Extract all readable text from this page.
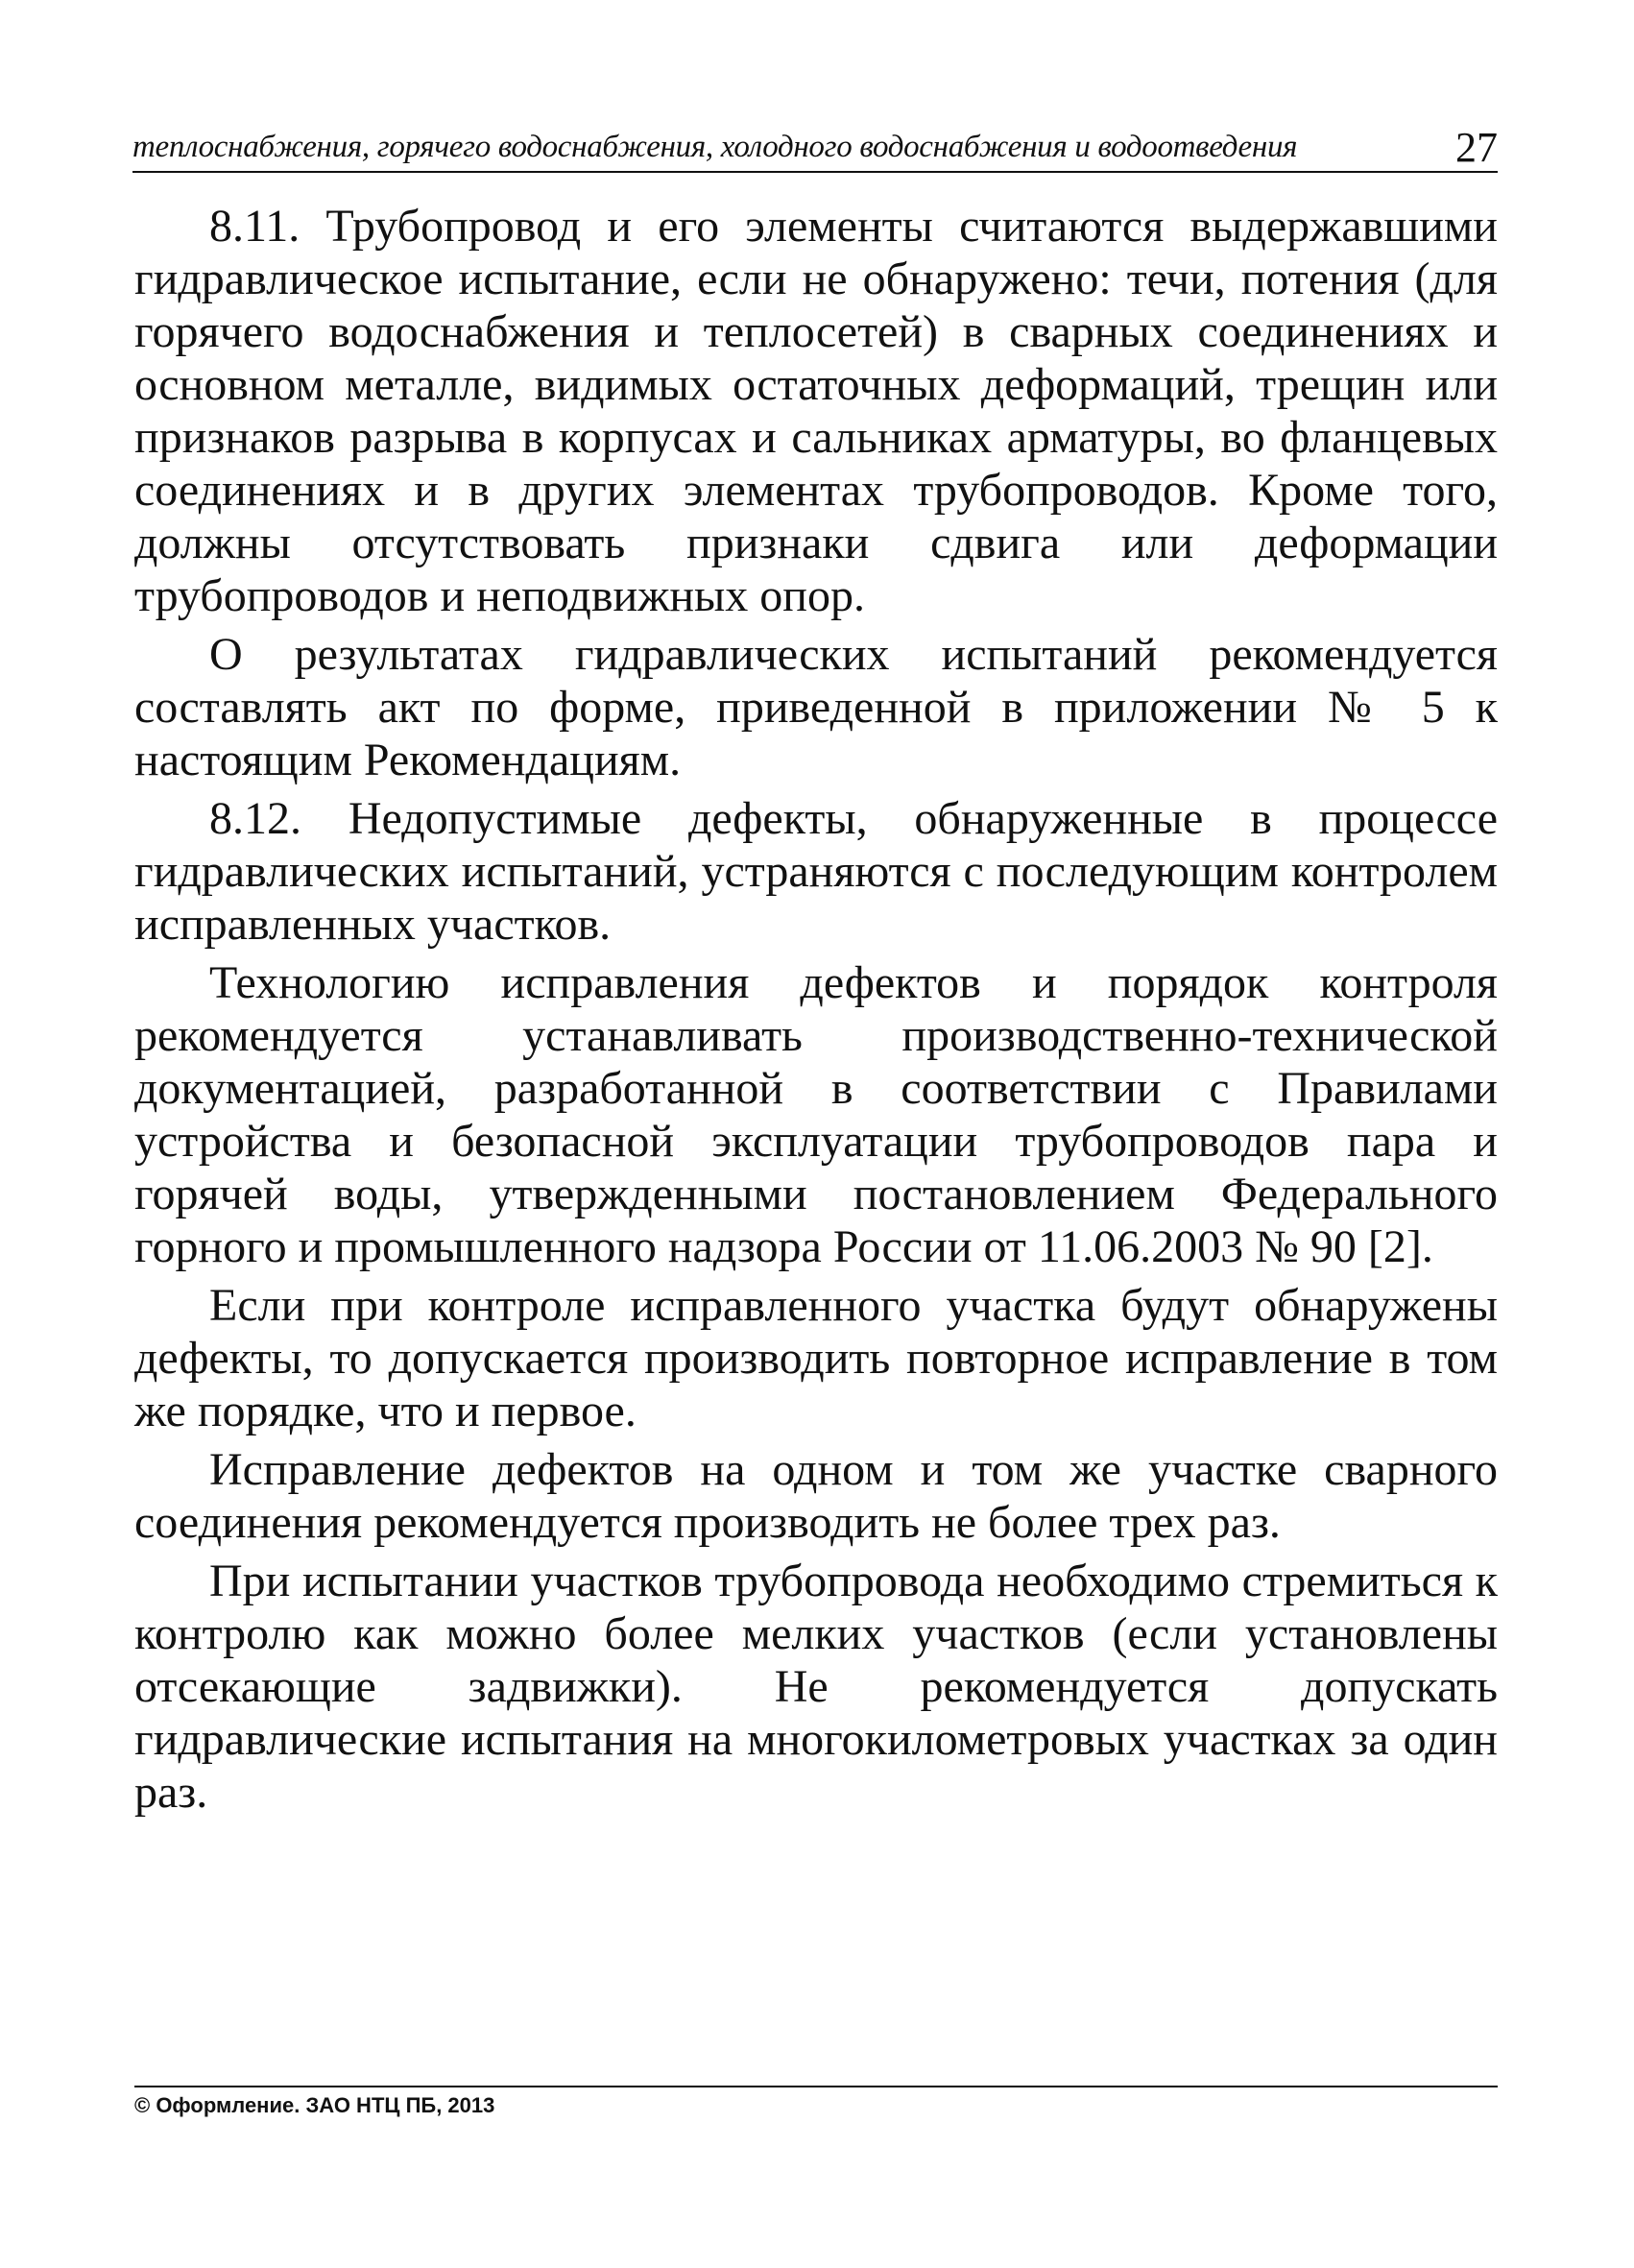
теплоснабжения, горячего водоснабжения, холодного водоснабжения и водоотведения	27

8.11. Трубопровод и его элементы считаются выдержавшими гидравлическое испытание, если не обнаружено: течи, потения (для горячего водоснабжения и теплосетей) в сварных соединениях и основном металле, видимых остаточных деформаций, трещин или признаков разрыва в корпусах и сальниках арматуры, во фланцевых соединениях и в других элементах трубопроводов. Кроме того, должны отсутствовать признаки сдвига или деформации трубопроводов и неподвижных опор.

О результатах гидравлических испытаний рекомендуется составлять акт по форме, приведенной в приложении № 5 к настоящим Рекомендациям.

8.12. Недопустимые дефекты, обнаруженные в процессе гидравлических испытаний, устраняются с последующим контролем исправленных участков.

Технологию исправления дефектов и порядок контроля рекомендуется устанавливать производственно-технической документацией, разработанной в соответствии с Правилами устройства и безопасной эксплуатации трубопроводов пара и горячей воды, утвержденными постановлением Федерального горного и промышленного надзора России от 11.06.2003 № 90 [2].

Если при контроле исправленного участка будут обнаружены дефекты, то допускается производить повторное исправление в том же порядке, что и первое.

Исправление дефектов на одном и том же участке сварного соединения рекомендуется производить не более трех раз.

При испытании участков трубопровода необходимо стремиться к контролю как можно более мелких участков (если установлены отсекающие задвижки). Не рекомендуется допускать гидравлические испытания на многокилометровых участках за один раз.

© Оформление. ЗАО НТЦ ПБ, 2013
